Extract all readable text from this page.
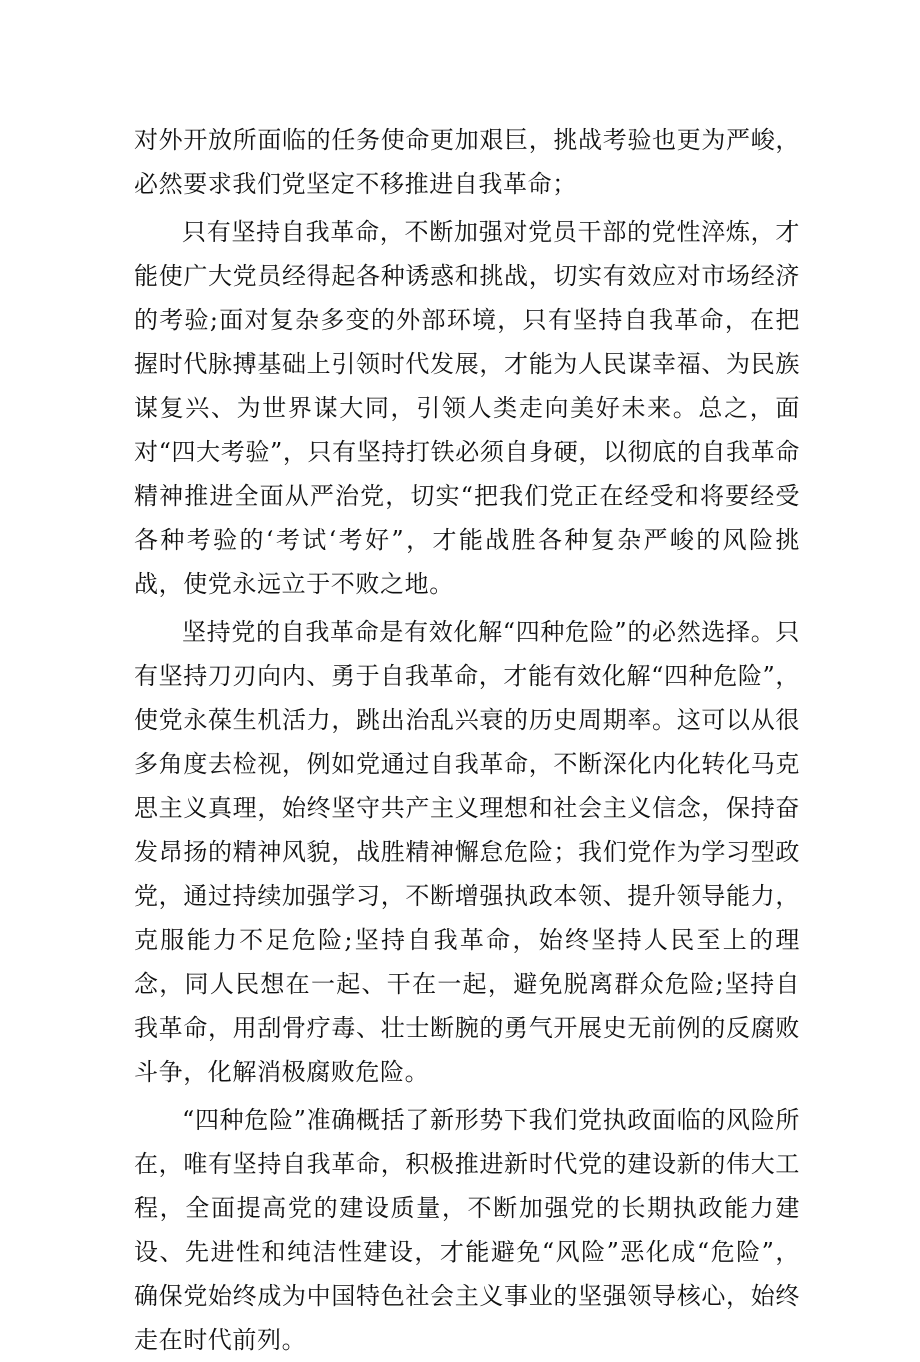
对外开放所面临的任务使命更加艰巨，挑战考验也更为严峻，必然要求我们党坚定不移推进自我革命；

只有坚持自我革命，不断加强对党员干部的党性淬炼，才能使广大党员经得起各种诱惑和挑战，切实有效应对市场经济的考验;面对复杂多变的外部环境，只有坚持自我革命，在把握时代脉搏基础上引领时代发展，才能为人民谋幸福、为民族谋复兴、为世界谋大同，引领人类走向美好未来。总之，面对“四大考验”，只有坚持打铁必须自身硬，以彻底的自我革命精神推进全面从严治党，切实“把我们党正在经受和将要经受各种考验的‘考试‘考好”，才能战胜各种复杂严峻的风险挑战，使党永远立于不败之地。

坚持党的自我革命是有效化解“四种危险”的必然选择。只有坚持刀刃向内、勇于自我革命，才能有效化解“四种危险”，使党永葆生机活力，跳出治乱兴衰的历史周期率。这可以从很多角度去检视，例如党通过自我革命，不断深化内化转化马克思主义真理，始终坚守共产主义理想和社会主义信念，保持奋发昂扬的精神风貌，战胜精神懈怠危险；我们党作为学习型政党，通过持续加强学习，不断增强执政本领、提升领导能力，克服能力不足危险;坚持自我革命，始终坚持人民至上的理念，同人民想在一起、干在一起，避免脱离群众危险;坚持自我革命，用刮骨疗毒、壮士断腕的勇气开展史无前例的反腐败斗争，化解消极腐败危险。

“四种危险”准确概括了新形势下我们党执政面临的风险所在，唯有坚持自我革命，积极推进新时代党的建设新的伟大工程，全面提高党的建设质量，不断加强党的长期执政能力建设、先进性和纯洁性建设，才能避免“风险”恶化成“危险”，确保党始终成为中国特色社会主义事业的坚强领导核心，始终走在时代前列。
